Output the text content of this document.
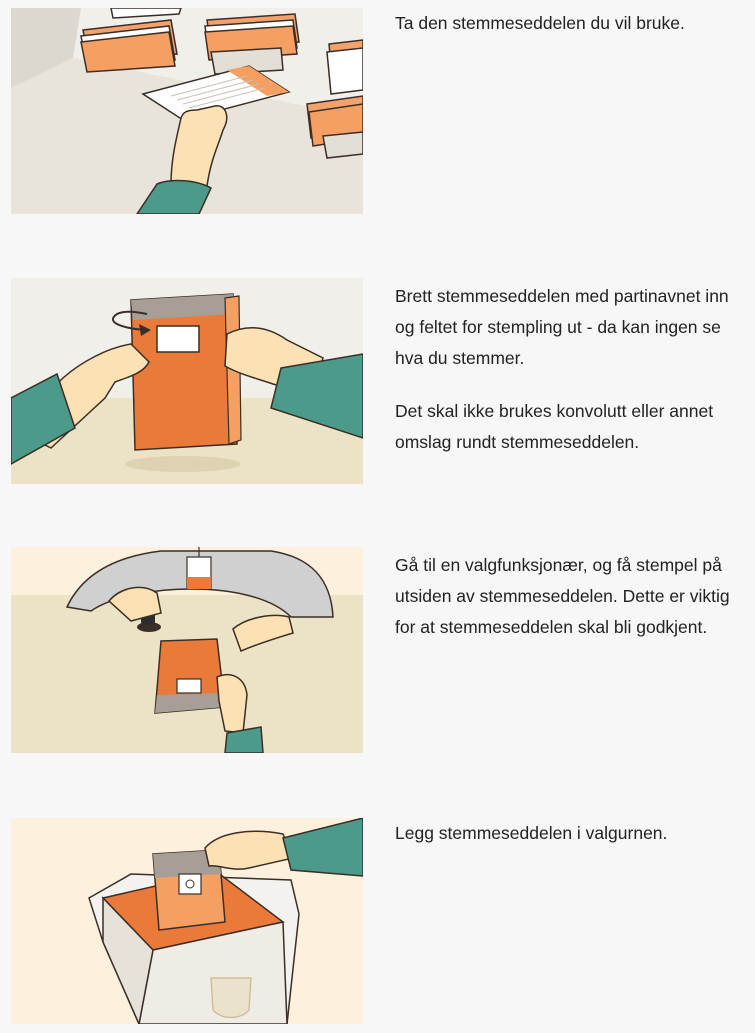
Ta den stemmeseddelen du vil bruke.

Brett stemmeseddelen med partinavnet inn og feltet for stempling ut - da kan ingen se hva du stemmer.

Det skal ikke brukes konvolutt eller annet omslag rundt stemmeseddelen.

Gå til en valgfunksjonær, og få stempel på utsiden av stemmeseddelen. Dette er viktig for at stemmeseddelen skal bli godkjent.

Legg stemmeseddelen i valgurnen.
